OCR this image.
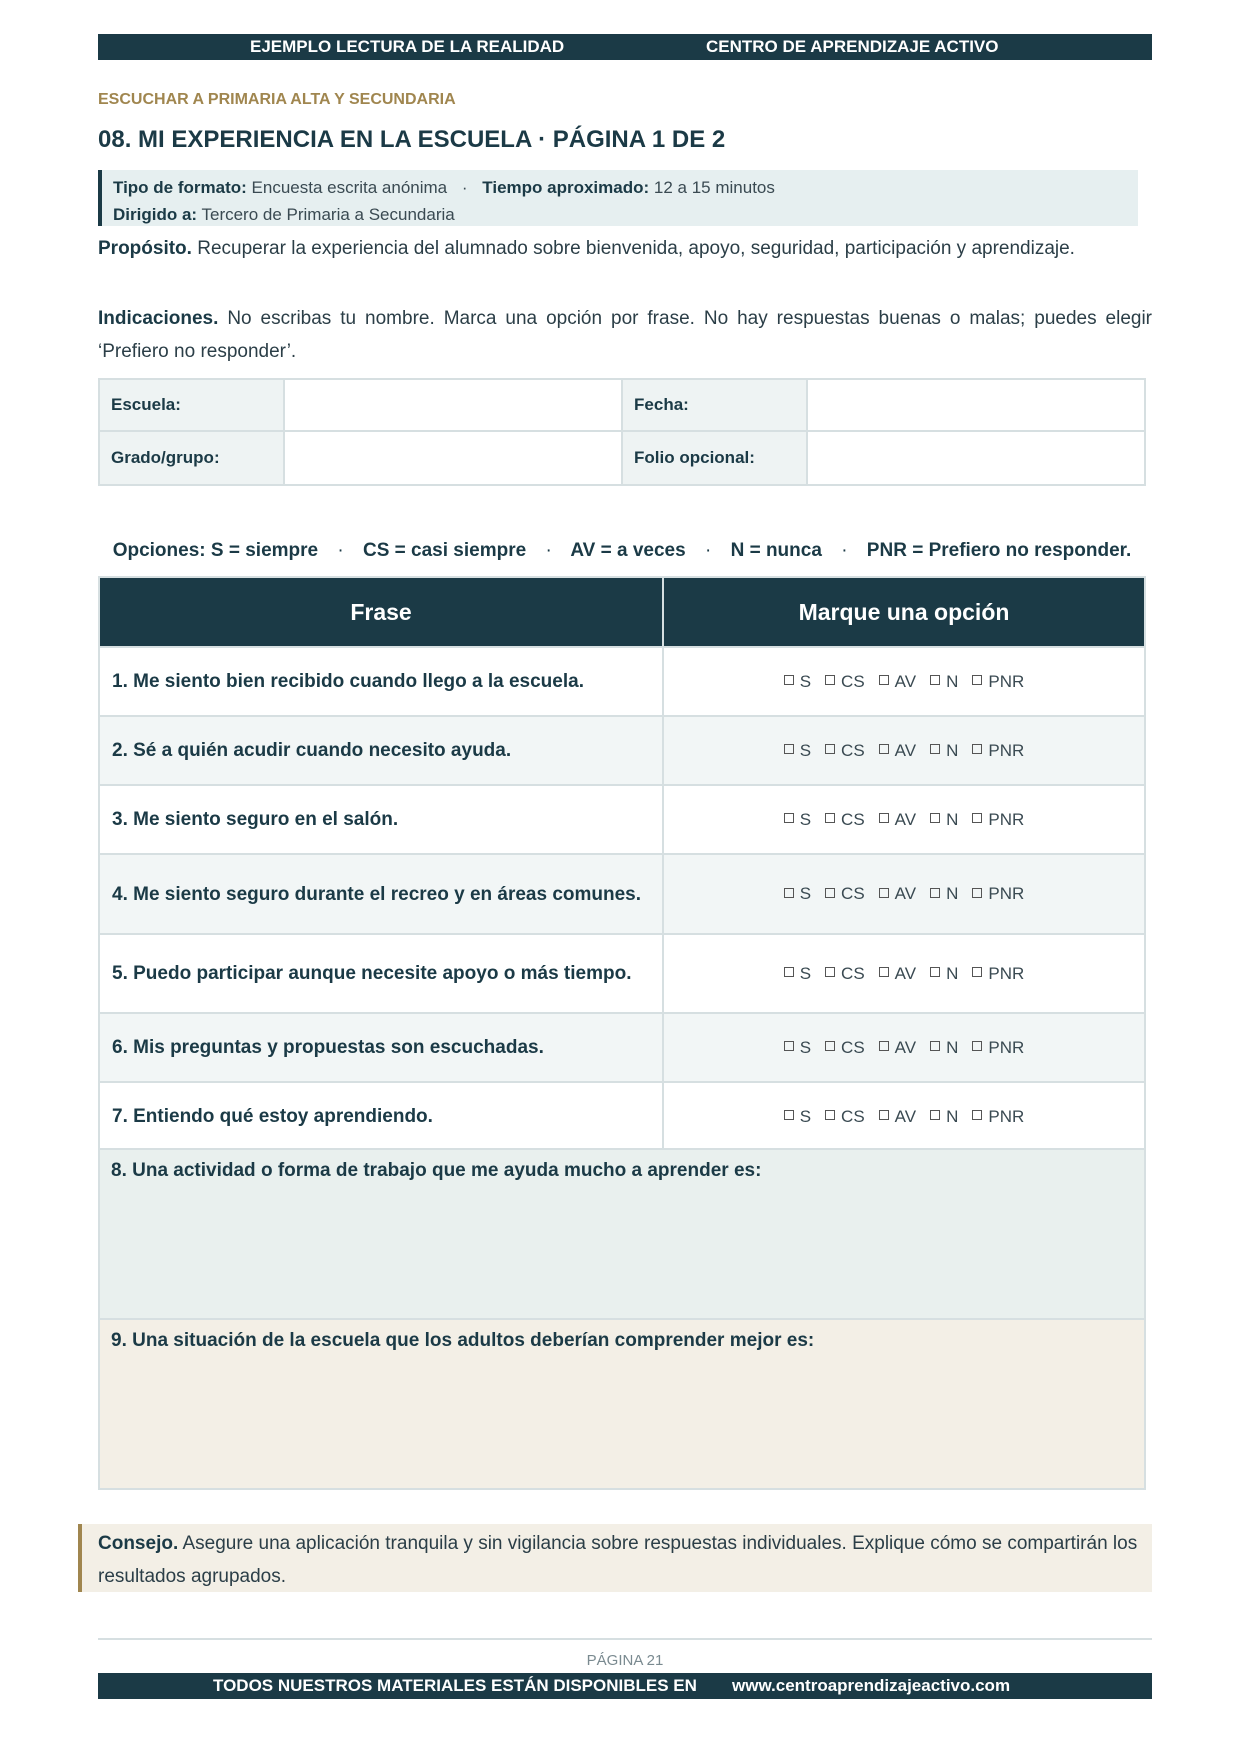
EJEMPLO LECTURA DE LA REALIDAD	CENTRO DE APRENDIZAJE ACTIVO
ESCUCHAR A PRIMARIA ALTA Y SECUNDARIA
08. MI EXPERIENCIA EN LA ESCUELA · PÁGINA 1 DE 2
Tipo de formato: Encuesta escrita anónima · Tiempo aproximado: 12 a 15 minutos
Dirigido a: Tercero de Primaria a Secundaria
Propósito. Recuperar la experiencia del alumnado sobre bienvenida, apoyo, seguridad, participación y aprendizaje.
Indicaciones. No escribas tu nombre. Marca una opción por frase. No hay respuestas buenas o malas; puedes elegir ‘Prefiero no responder’.
Escuela:		Fecha:	
Grado/grupo:		Folio opcional:	
Opciones: S = siempre · CS = casi siempre · AV = a veces · N = nunca · PNR = Prefiero no responder.
Frase	Marque una opción
1. Me siento bien recibido cuando llego a la escuela.	S CS AV N PNR
2. Sé a quién acudir cuando necesito ayuda.	S CS AV N PNR
3. Me siento seguro en el salón.	S CS AV N PNR
4. Me siento seguro durante el recreo y en áreas comunes.	S CS AV N PNR
5. Puedo participar aunque necesite apoyo o más tiempo.	S CS AV N PNR
6. Mis preguntas y propuestas son escuchadas.	S CS AV N PNR
7. Entiendo qué estoy aprendiendo.	S CS AV N PNR
8. Una actividad o forma de trabajo que me ayuda mucho a aprender es:
9. Una situación de la escuela que los adultos deberían comprender mejor es:
Consejo. Asegure una aplicación tranquila y sin vigilancia sobre respuestas individuales. Explique cómo se compartirán los resultados agrupados.
PÁGINA 21
TODOS NUESTROS MATERIALES ESTÁN DISPONIBLES EN www.centroaprendizajeactivo.com
